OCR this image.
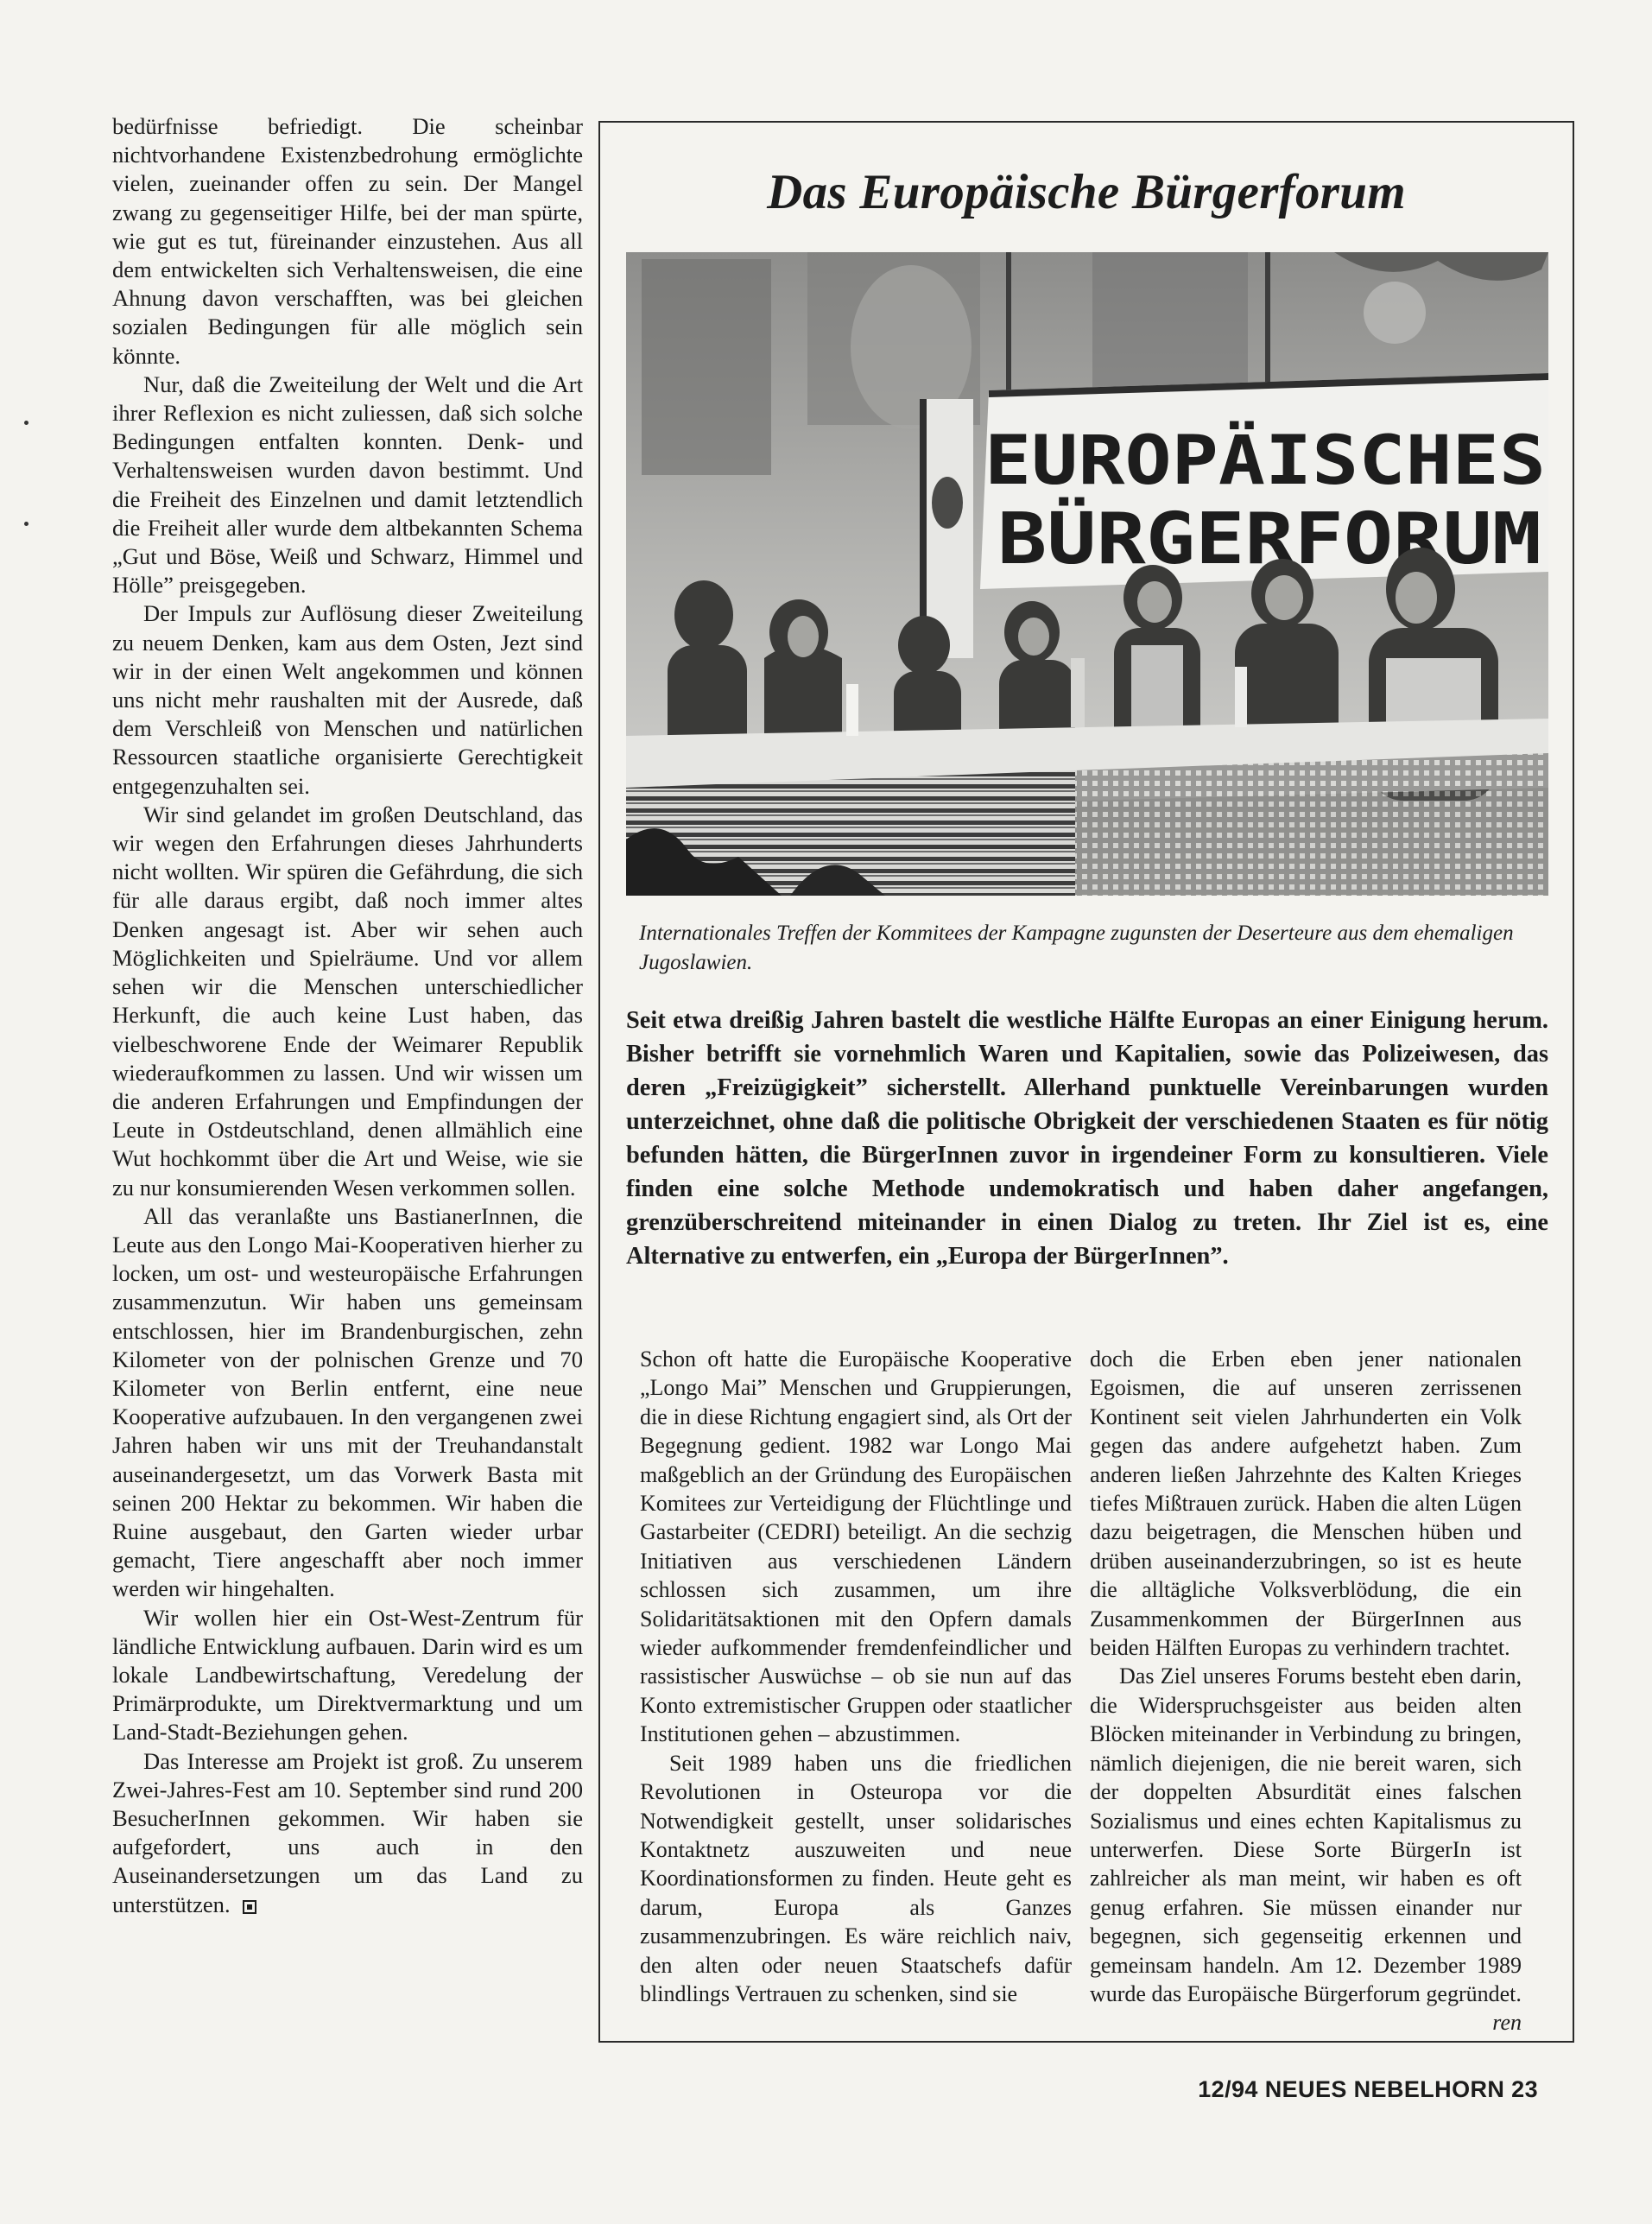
bedürfnisse befriedigt. Die scheinbar nichtvorhandene Existenzbedrohung ermöglichte vielen, zueinander offen zu sein. Der Mangel zwang zu gegenseitiger Hilfe, bei der man spürte, wie gut es tut, füreinander einzustehen. Aus all dem entwickelten sich Verhaltensweisen, die eine Ahnung davon verschafften, was bei gleichen sozialen Bedingungen für alle möglich sein könnte.

Nur, daß die Zweiteilung der Welt und die Art ihrer Reflexion es nicht zuliessen, daß sich solche Bedingungen entfalten konnten. Denk- und Verhaltensweisen wurden davon bestimmt. Und die Freiheit des Einzelnen und damit letztendlich die Freiheit aller wurde dem altbekannten Schema „Gut und Böse, Weiß und Schwarz, Himmel und Hölle” preisgegeben.

Der Impuls zur Auflösung dieser Zweiteilung zu neuem Denken, kam aus dem Osten, Jezt sind wir in der einen Welt angekommen und können uns nicht mehr raushalten mit der Ausrede, daß dem Verschleiß von Menschen und natürlichen Ressourcen staatliche organisierte Gerechtigkeit entgegenzuhalten sei.

Wir sind gelandet im großen Deutschland, das wir wegen den Erfahrungen dieses Jahrhunderts nicht wollten. Wir spüren die Gefährdung, die sich für alle daraus ergibt, daß noch immer altes Denken angesagt ist. Aber wir sehen auch Möglichkeiten und Spielräume. Und vor allem sehen wir die Menschen unterschiedlicher Herkunft, die auch keine Lust haben, das vielbeschworene Ende der Weimarer Republik wiederaufkommen zu lassen. Und wir wissen um die anderen Erfahrungen und Empfindungen der Leute in Ostdeutschland, denen allmählich eine Wut hochkommt über die Art und Weise, wie sie zu nur konsumierenden Wesen verkommen sollen.

All das veranlaßte uns BastianerInnen, die Leute aus den Longo Mai-Kooperativen hierher zu locken, um ost- und westeuropäische Erfahrungen zusammenzutun. Wir haben uns gemeinsam entschlossen, hier im Brandenburgischen, zehn Kilometer von der polnischen Grenze und 70 Kilometer von Berlin entfernt, eine neue Kooperative aufzubauen. In den vergangenen zwei Jahren haben wir uns mit der Treuhandanstalt auseinandergesetzt, um das Vorwerk Basta mit seinen 200 Hektar zu bekommen. Wir haben die Ruine ausgebaut, den Garten wieder urbar gemacht, Tiere angeschafft aber noch immer werden wir hingehalten.

Wir wollen hier ein Ost-West-Zentrum für ländliche Entwicklung aufbauen. Darin wird es um lokale Landbewirtschaftung, Veredelung der Primärprodukte, um Direktvermarktung und um Land-Stadt-Beziehungen gehen.

Das Interesse am Projekt ist groß. Zu unserem Zwei-Jahres-Fest am 10. September sind rund 200 BesucherInnen gekommen. Wir haben sie aufgefordert, uns auch in den Auseinandersetzungen um das Land zu unterstützen.

Das Europäische Bürgerforum
EUROPÄISCHES
BÜRGERFORUM
Internationales Treffen der Kommitees der Kampagne zugunsten der Deserteure aus dem ehemaligen Jugoslawien.
Seit etwa dreißig Jahren bastelt die westliche Hälfte Europas an einer Einigung herum. Bisher betrifft sie vornehmlich Waren und Kapitalien, sowie das Polizeiwesen, das deren „Freizügigkeit” sicherstellt. Allerhand punktuelle Vereinbarungen wurden unterzeichnet, ohne daß die politische Obrigkeit der verschiedenen Staaten es für nötig befunden hätten, die BürgerInnen zuvor in irgendeiner Form zu konsultieren. Viele finden eine solche Methode undemokratisch und haben daher angefangen, grenzüberschreitend miteinander in einen Dialog zu treten. Ihr Ziel ist es, eine Alternative zu entwerfen, ein „Europa der BürgerInnen”.

Schon oft hatte die Europäische Kooperative „Longo Mai” Menschen und Gruppierungen, die in diese Richtung engagiert sind, als Ort der Begegnung gedient. 1982 war Longo Mai maßgeblich an der Gründung des Europäischen Komitees zur Verteidigung der Flüchtlinge und Gastarbeiter (CEDRI) beteiligt. An die sechzig Initiativen aus verschiedenen Ländern schlossen sich zusammen, um ihre Solidaritätsaktionen mit den Opfern damals wieder aufkommender fremdenfeindlicher und rassistischer Auswüchse – ob sie nun auf das Konto extremistischer Gruppen oder staatlicher Institutionen gehen – abzustimmen.

Seit 1989 haben uns die friedlichen Revolutionen in Osteuropa vor die Notwendigkeit gestellt, unser solidarisches Kontaktnetz auszuweiten und neue Koordinationsformen zu finden. Heute geht es darum, Europa als Ganzes zusammenzubringen. Es wäre reichlich naiv, den alten oder neuen Staatschefs dafür blindlings Vertrauen zu schenken, sind sie

doch die Erben eben jener nationalen Egoismen, die auf unseren zerrissenen Kontinent seit vielen Jahrhunderten ein Volk gegen das andere aufgehetzt haben. Zum anderen ließen Jahrzehnte des Kalten Krieges tiefes Mißtrauen zurück. Haben die alten Lügen dazu beigetragen, die Menschen hüben und drüben auseinanderzubringen, so ist es heute die alltägliche Volksverblödung, die ein Zusammenkommen der BürgerInnen aus beiden Hälften Europas zu verhindern trachtet.

Das Ziel unseres Forums besteht eben darin, die Widerspruchsgeister aus beiden alten Blöcken miteinander in Verbindung zu bringen, nämlich diejenigen, die nie bereit waren, sich der doppelten Absurdität eines falschen Sozialismus und eines echten Kapitalismus zu unterwerfen. Diese Sorte BürgerIn ist zahlreicher als man meint, wir haben es oft genug erfahren. Sie müssen einander nur begegnen, sich gegenseitig erkennen und gemeinsam handeln. Am 12. Dezember 1989 wurde das Europäische Bürgerforum gegründet.
ren

12/94 NEUES NEBELHORN 23
